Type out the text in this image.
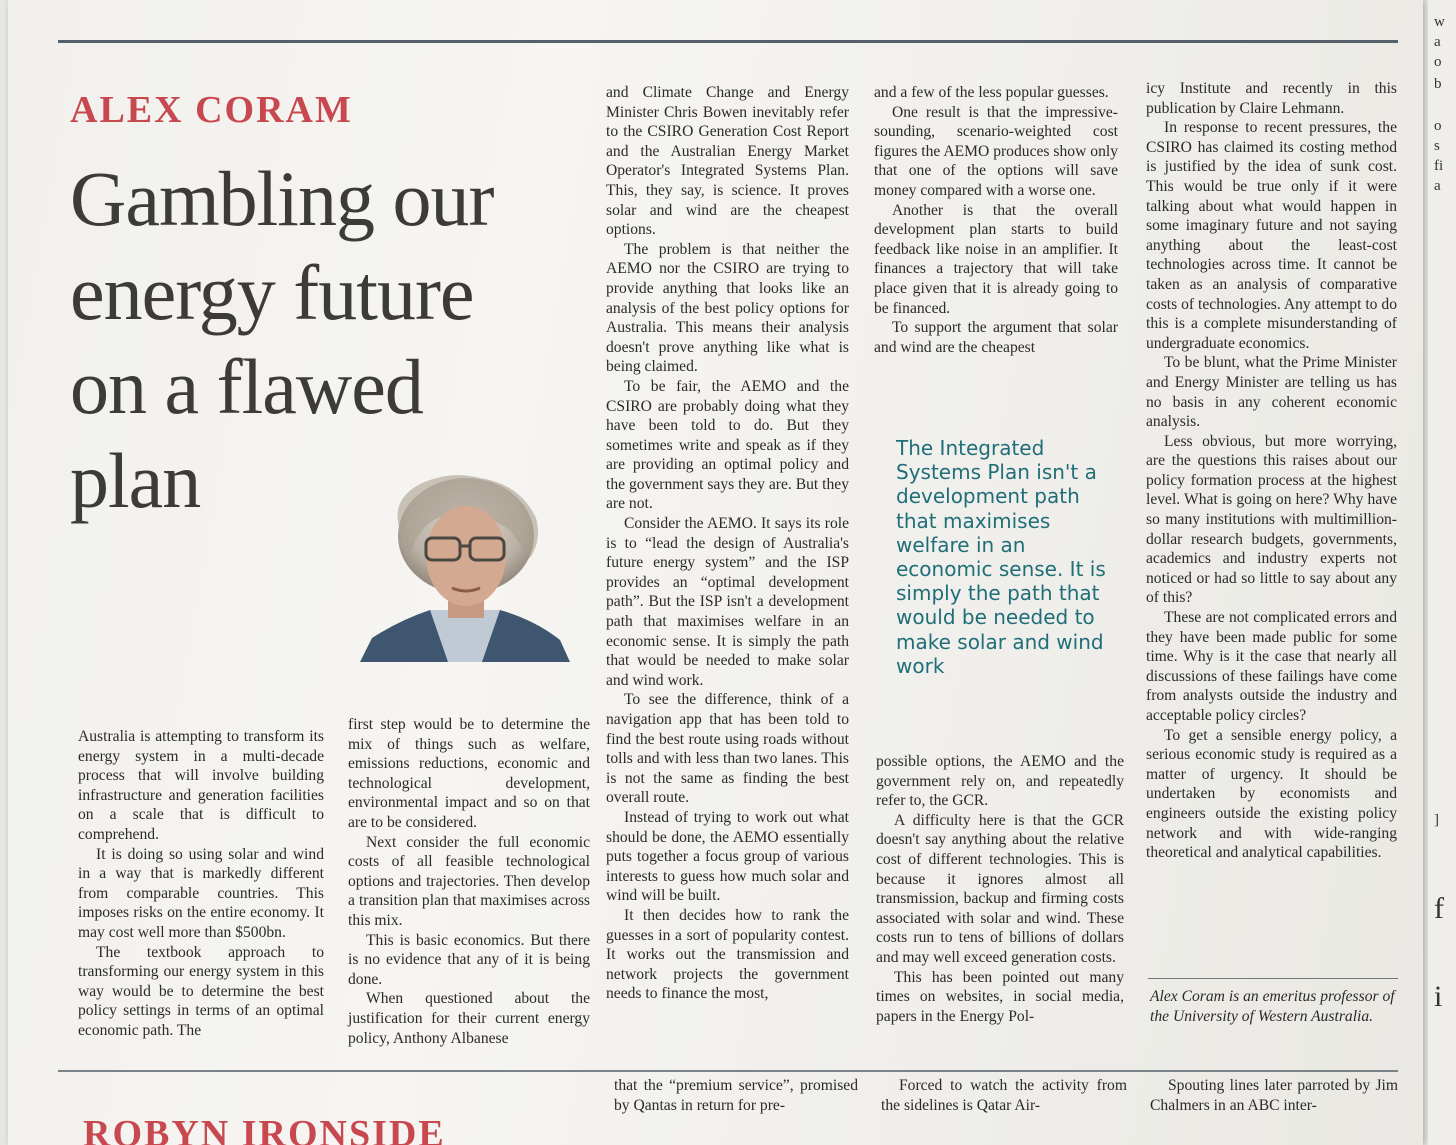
ALEX CORAM
Gambling our energy future on a flawed plan

Australia is attempting to transform its energy system in a multi-decade process that will involve building infrastructure and generation facilities on a scale that is difficult to comprehend.

It is doing so using solar and wind in a way that is markedly different from comparable countries. This imposes risks on the entire economy. It may cost well more than $500bn.

The textbook approach to transforming our energy system in this way would be to determine the best policy settings in terms of an optimal economic path. The

first step would be to determine the mix of things such as welfare, emissions reductions, economic and technological development, environmental impact and so on that are to be considered.

Next consider the full economic costs of all feasible technological options and trajectories. Then develop a transition plan that maximises across this mix.

This is basic economics. But there is no evidence that any of it is being done.

When questioned about the justification for their current energy policy, Anthony Albanese

and Climate Change and Energy Minister Chris Bowen inevitably refer to the CSIRO Generation Cost Report and the Australian Energy Market Operator's Integrated Systems Plan. This, they say, is science. It proves solar and wind are the cheapest options.

The problem is that neither the AEMO nor the CSIRO are trying to provide anything that looks like an analysis of the best policy options for Australia. This means their analysis doesn't prove anything like what is being claimed.

To be fair, the AEMO and the CSIRO are probably doing what they have been told to do. But they sometimes write and speak as if they are providing an optimal policy and the government says they are. But they are not.

Consider the AEMO. It says its role is to “lead the design of Australia's future energy system” and the ISP provides an “optimal development path”. But the ISP isn't a development path that maximises welfare in an economic sense. It is simply the path that would be needed to make solar and wind work.

To see the difference, think of a navigation app that has been told to find the best route using roads without tolls and with less than two lanes. This is not the same as finding the best overall route.

Instead of trying to work out what should be done, the AEMO essentially puts together a focus group of various interests to guess how much solar and wind will be built.

It then decides how to rank the guesses in a sort of popularity contest. It works out the transmission and network projects the government needs to finance the most,

and a few of the less popular guesses.

One result is that the impressive-sounding, scenario-weighted cost figures the AEMO produces show only that one of the options will save money compared with a worse one.

Another is that the overall development plan starts to build feedback like noise in an amplifier. It finances a trajectory that will take place given that it is already going to be financed.

To support the argument that solar and wind are the cheapest

The Integrated Systems Plan isn't a development path that maximises welfare in an economic sense. It is simply the path that would be needed to make solar and wind work

possible options, the AEMO and the government rely on, and repeatedly refer to, the GCR.

A difficulty here is that the GCR doesn't say anything about the relative cost of different technologies. This is because it ignores almost all transmission, backup and firming costs associated with solar and wind. These costs run to tens of billions of dollars and may well exceed generation costs.

This has been pointed out many times on websites, in social media, papers in the Energy Pol-

icy Institute and recently in this publication by Claire Lehmann.

In response to recent pressures, the CSIRO has claimed its costing method is justified by the idea of sunk cost. This would be true only if it were talking about what would happen in some imaginary future and not saying anything about the least-cost technologies across time. It cannot be taken as an analysis of comparative costs of technologies. Any attempt to do this is a complete misunderstanding of undergraduate economics.

To be blunt, what the Prime Minister and Energy Minister are telling us has no basis in any coherent economic analysis.

Less obvious, but more worrying, are the questions this raises about our policy formation process at the highest level. What is going on here? Why have so many institutions with multimillion-dollar research budgets, governments, academics and industry experts not noticed or had so little to say about any of this?

These are not complicated errors and they have been made public for some time. Why is it the case that nearly all discussions of these failings have come from analysts outside the industry and acceptable policy circles?

To get a sensible energy policy, a serious economic study is required as a matter of urgency. It should be undertaken by economists and engineers outside the existing policy network and with wide-ranging theoretical and analytical capabilities.

Alex Coram is an emeritus professor of the University of Western Australia.
ROBYN IRONSIDE

that the “premium service”, promised by Qantas in return for pre-

Forced to watch the activity from the sidelines is Qatar Air-

Spouting lines later parroted by Jim Chalmers in an ABC inter-

w
a
o
b
o
s
fi
a
]
f
i
